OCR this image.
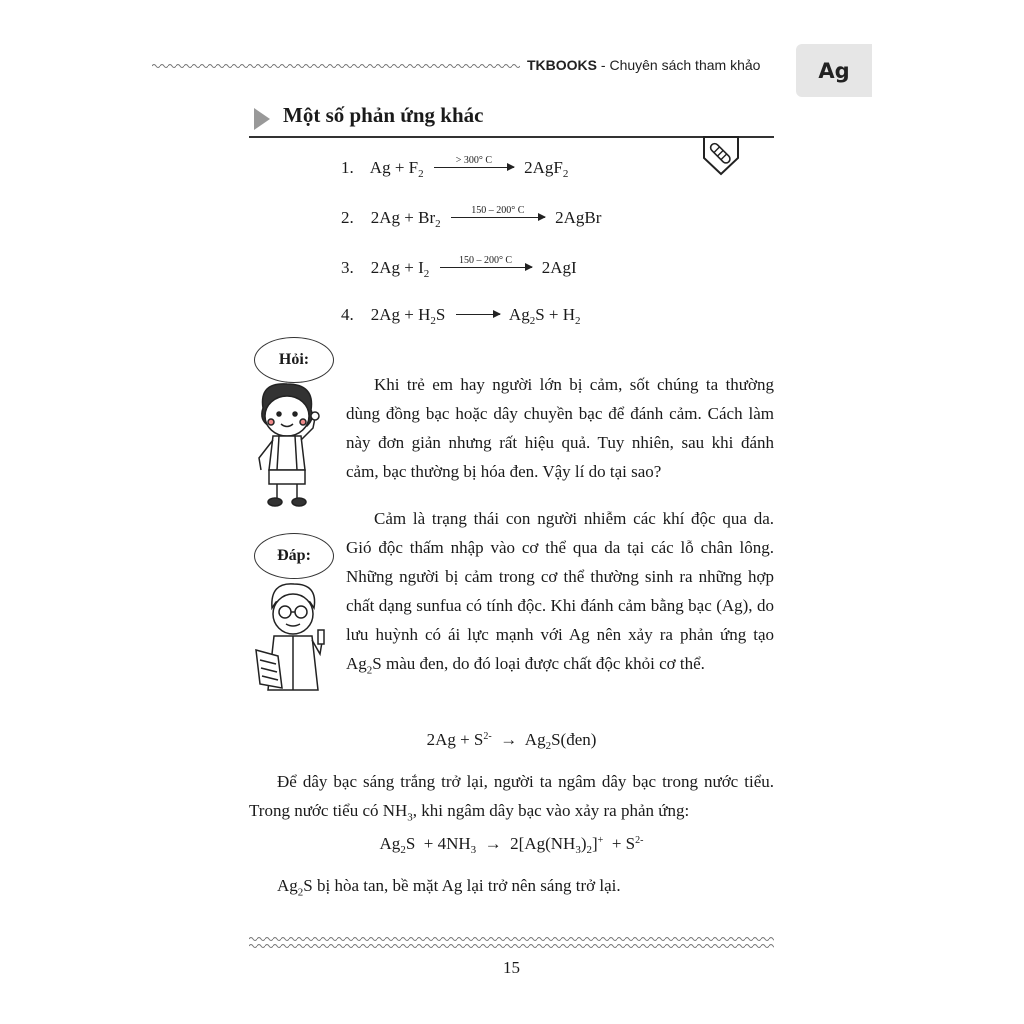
TKBOOKS - Chuyên sách tham khảo	Ag
Một số phản ứng khác
1.    $Ag + F_2$
> 300° C	2AgF$_2$
2.    $2Ag + Br_2$
150 – 200° C	2AgBr
3.    $2Ag + I_2$
150 – 200° C	2AgI
4.    $2Ag + H_2S \to Ag_2S + H_2$
Hỏi:

Khi trẻ em hay người lớn bị cảm, sốt chúng ta thường dùng đồng bạc hoặc dây chuyền bạc để đánh cảm. Cách làm này đơn giản nhưng rất hiệu quả. Tuy nhiên, sau khi đánh cảm, bạc thường bị hóa đen. Vậy lí do tại sao?

Đáp:

Cảm là trạng thái con người nhiễm các khí độc qua da. Gió độc thấm nhập vào cơ thể qua da tại các lỗ chân lông. Những người bị cảm trong cơ thể thường sinh ra những hợp chất dạng sunfua có tính độc. Khi đánh cảm bằng bạc (Ag), do lưu huỳnh có ái lực mạnh với Ag nên xảy ra phản ứng tạo $Ag_2S$ màu đen, do đó loại được chất độc khỏi cơ thể.

$2Ag + S^{2-}$  →  $Ag_2S(đen)$

Để dây bạc sáng trắng trở lại, người ta ngâm dây bạc trong nước tiểu. Trong nước tiểu có $NH_3$, khi ngâm dây bạc vào xảy ra phản ứng:

$Ag_2S + 4NH_3 \to 2[Ag(NH_3)_2]^+ + S^{2-}$

$Ag_2S$ bị hòa tan, bề mặt Ag lại trở nên sáng trở lại.

15
